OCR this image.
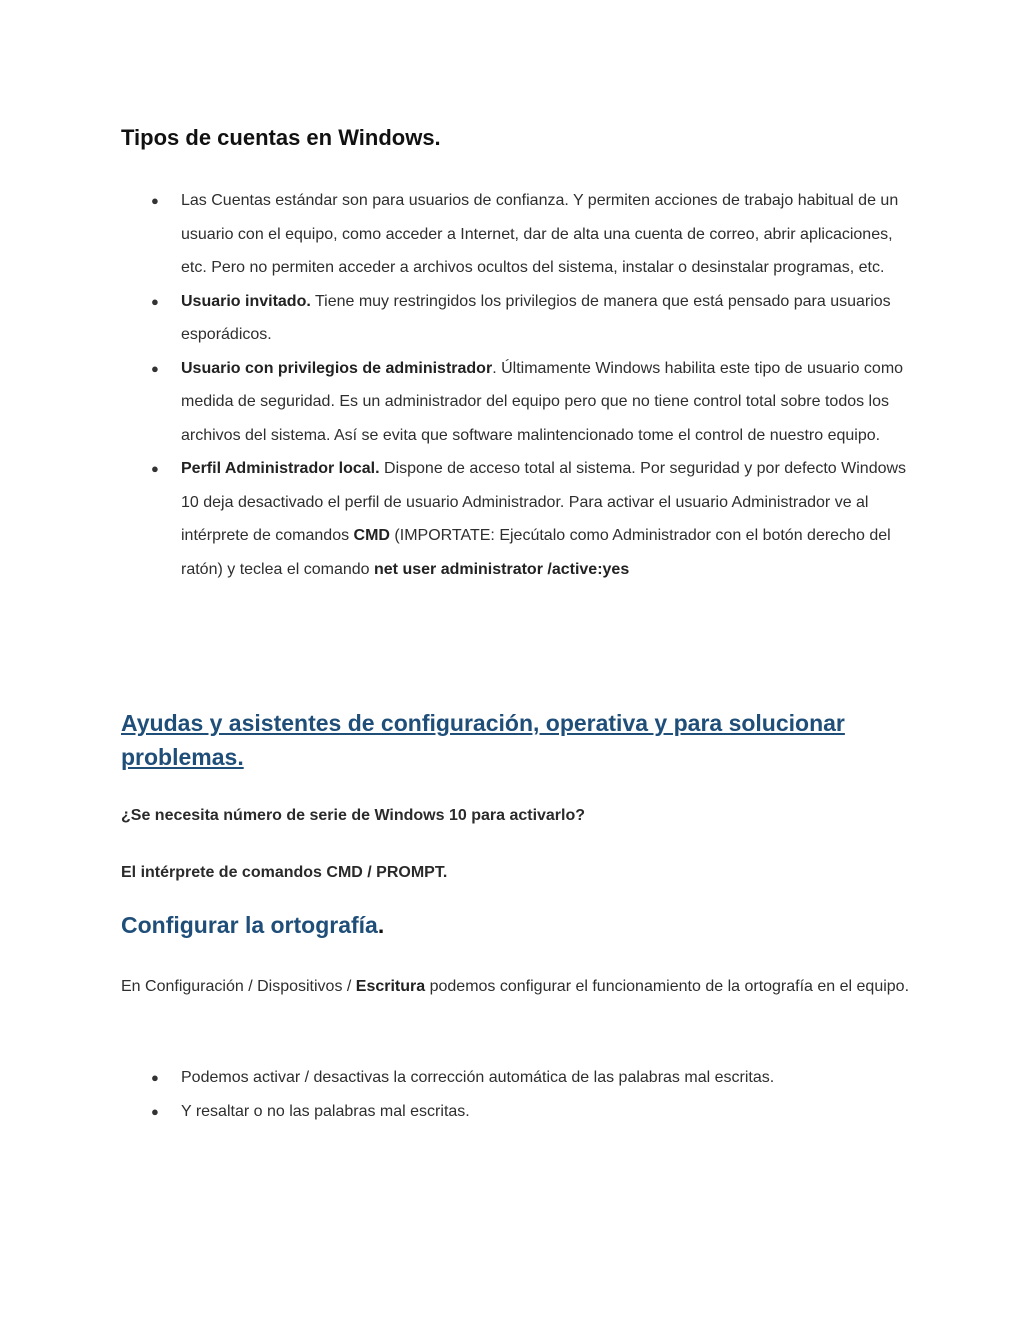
Tipos de cuentas en Windows.
● Las Cuentas estándar son para usuarios de confianza. Y permiten acciones de trabajo habitual de un usuario con el equipo, como acceder a Internet, dar de alta una cuenta de correo, abrir aplicaciones, etc. Pero no permiten acceder a archivos ocultos del sistema, instalar o desinstalar programas, etc.
● Usuario invitado. Tiene muy restringidos los privilegios de manera que está pensado para usuarios esporádicos.
● Usuario con privilegios de administrador. Últimamente Windows habilita este tipo de usuario como medida de seguridad. Es un administrador del equipo pero que no tiene control total sobre todos los archivos del sistema. Así se evita que software malintencionado tome el control de nuestro equipo.
● Perfil Administrador local. Dispone de acceso total al sistema. Por seguridad y por defecto Windows 10 deja desactivado el perfil de usuario Administrador. Para activar el usuario Administrador ve al intérprete de comandos CMD (IMPORTATE: Ejecútalo como Administrador con el botón derecho del ratón) y teclea el comando net user administrator /active:yes
Ayudas y asistentes de configuración, operativa y para solucionar problemas.

¿Se necesita número de serie de Windows 10 para activarlo?

El intérprete de comandos CMD / PROMPT.

Configurar la ortografía.

En Configuración / Dispositivos / Escritura podemos configurar el funcionamiento de la ortografía en el equipo.

● Podemos activar / desactivas la corrección automática de las palabras mal escritas.
● Y resaltar o no las palabras mal escritas.
